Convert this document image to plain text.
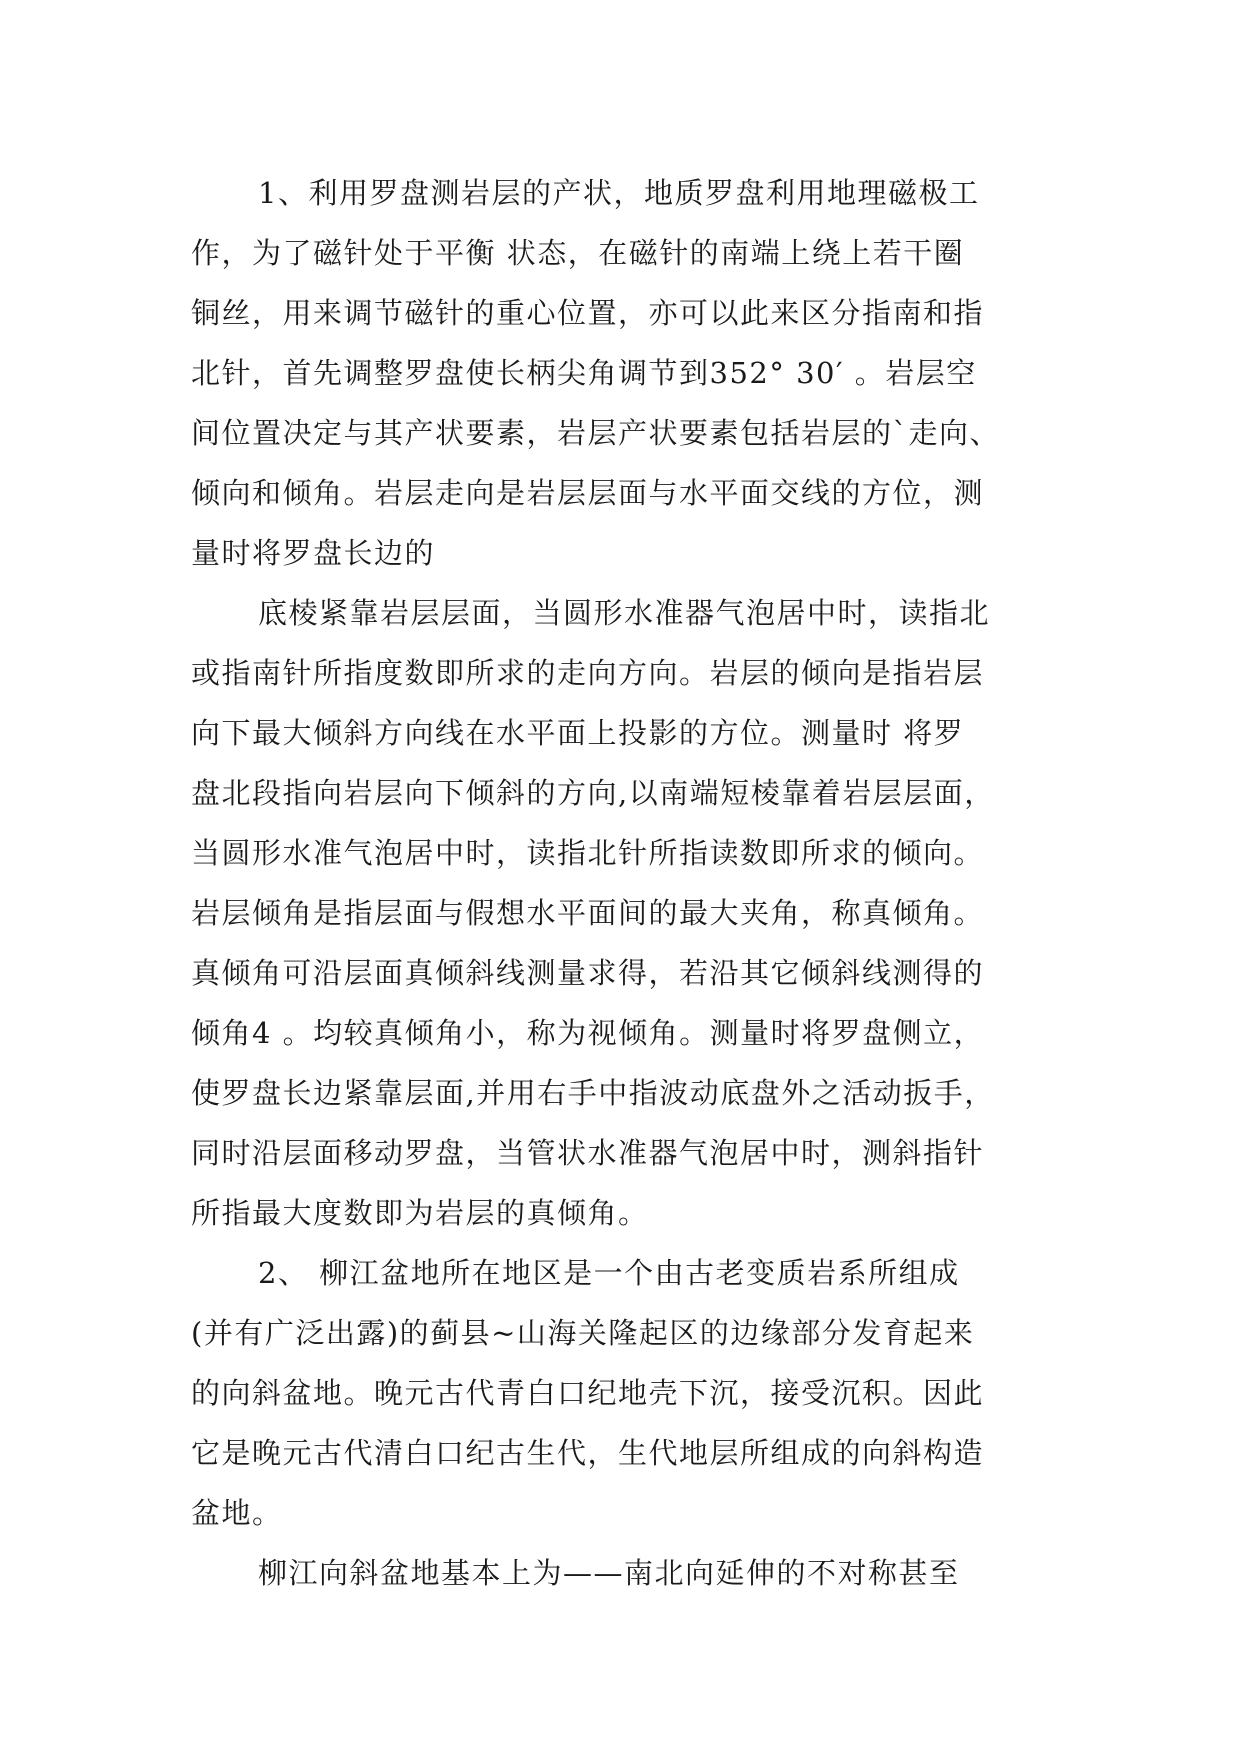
1、利用罗盘测岩层的产状，地质罗盘利用地理磁极工
作，为了磁针处于平衡 状态，在磁针的南端上绕上若干圈
铜丝，用来调节磁针的重心位置，亦可以此来区分指南和指
北针，首先调整罗盘使长柄尖角调节到352° 30′ 。岩层空
间位置决定与其产状要素，岩层产状要素包括岩层的`走向、
倾向和倾角。岩层走向是岩层层面与水平面交线的方位，测
量时将罗盘长边的
底棱紧靠岩层层面，当圆形水准器气泡居中时，读指北
或指南针所指度数即所求的走向方向。岩层的倾向是指岩层
向下最大倾斜方向线在水平面上投影的方位。测量时 将罗
盘北段指向岩层向下倾斜的方向,以南端短棱靠着岩层层面，
当圆形水准气泡居中时，读指北针所指读数即所求的倾向。
岩层倾角是指层面与假想水平面间的最大夹角，称真倾角。
真倾角可沿层面真倾斜线测量求得，若沿其它倾斜线测得的
倾角4 。均较真倾角小，称为视倾角。测量时将罗盘侧立，
使罗盘长边紧靠层面,并用右手中指波动底盘外之活动扳手，
同时沿层面移动罗盘，当管状水准器气泡居中时，测斜指针
所指最大度数即为岩层的真倾角。
2、 柳江盆地所在地区是一个由古老变质岩系所组成
(并有广泛出露)的蓟县~山海关隆起区的边缘部分发育起来
的向斜盆地。晚元古代青白口纪地壳下沉，接受沉积。因此
它是晚元古代清白口纪古生代，生代地层所组成的向斜构造
盆地。
柳江向斜盆地基本上为——南北向延伸的不对称甚至
